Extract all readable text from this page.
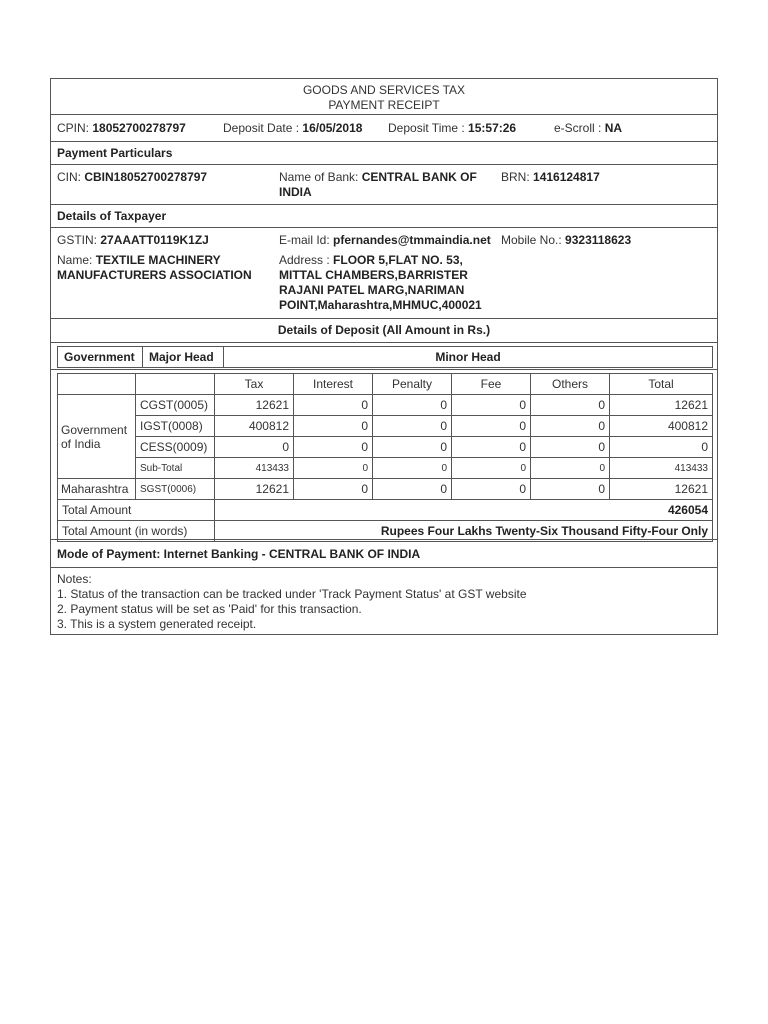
GOODS AND SERVICES TAX
PAYMENT RECEIPT
CPIN: 18052700278797	Deposit Date : 16/05/2018 Deposit Time : 15:57:26	e-Scroll : NA
Payment Particulars
CIN: CBIN18052700278797	Name of Bank: CENTRAL BANK OF
INDIA
BRN: 1416124817
Details of Taxpayer
GSTIN: 27AAATT0119K1ZJ	E-mail Id: pfernandes@tmmaindia.net Mobile No.: 9323118623
Name: TEXTILE MACHINERY
MANUFACTURERS ASSOCIATION
Address : FLOOR 5,FLAT NO. 53,
MITTAL CHAMBERS,BARRISTER
RAJANI PATEL MARG,NARIMAN
POINT,Maharashtra,MHMUC,400021
Details of Deposit (All Amount in Rs.)
Government	Major Head	Minor Head
		Tax	Interest	Penalty	Fee	Others	Total
Government of India	CGST(0005)	12621	0	0	0	0	12621
	IGST(0008)	400812	0	0	0	0	400812
	CESS(0009)	0	0	0	0	0	0
	Sub-Total	413433	0	0	0	0	413433
Maharashtra	SGST(0006)	12621	0	0	0	0	12621
Total Amount		426054					
Total Amount (in words)		Rupees Four Lakhs Twenty-Six Thousand Fifty-Four Only					
Mode of Payment: Internet Banking - CENTRAL BANK OF INDIA
Notes:
1. Status of the transaction can be tracked under 'Track Payment Status' at GST website
2. Payment status will be set as 'Paid' for this transaction.
3. This is a system generated receipt.
